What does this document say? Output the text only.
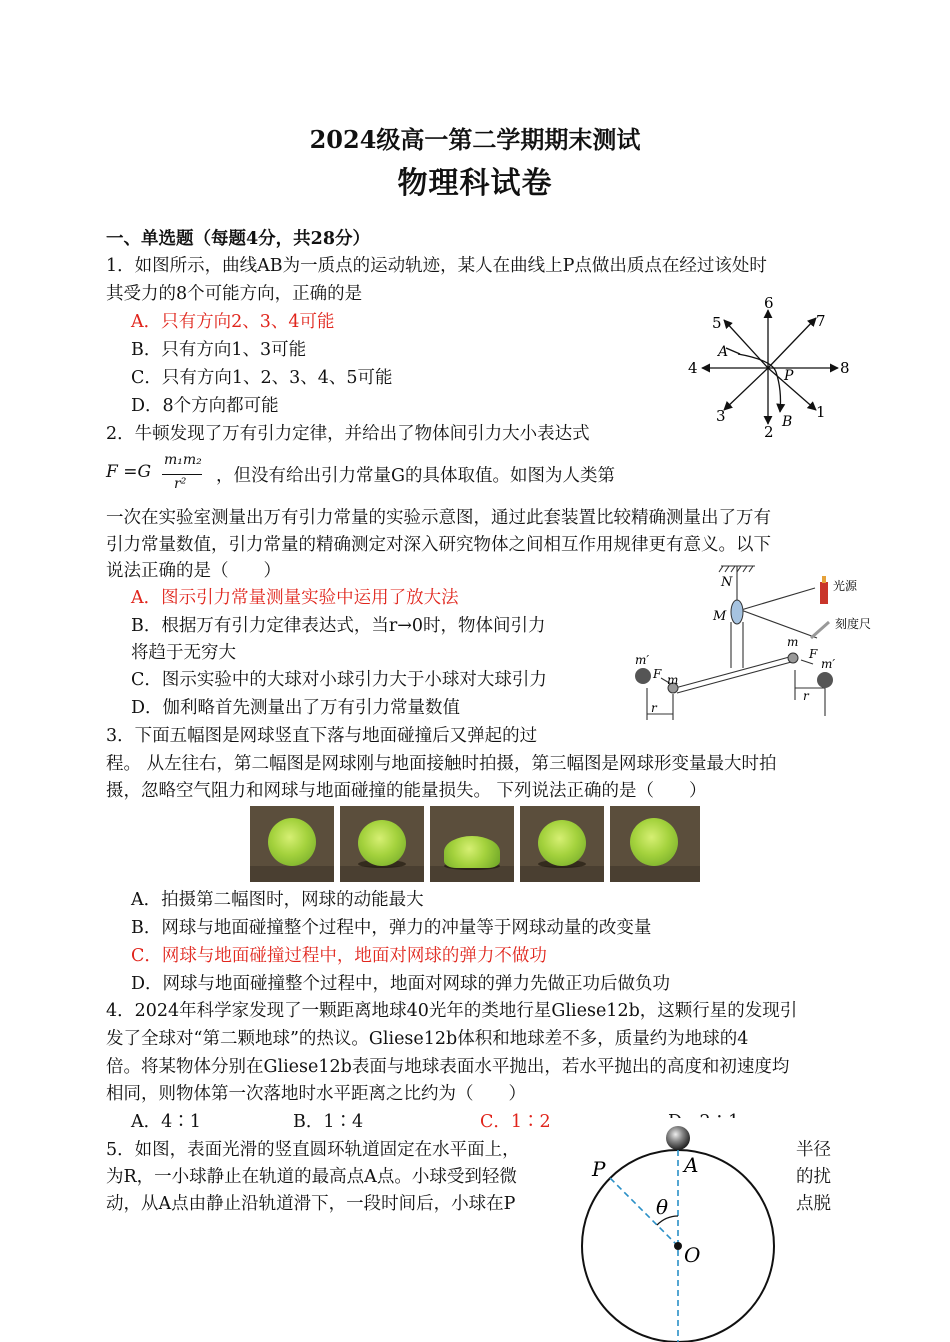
2024级高一第二学期期末测试
物理科试卷
一、单选题（每题4分，共28分）
1．如图所示，曲线AB为一质点的运动轨迹，某人在曲线上P点做出质点在经过该处时
其受力的8个可能方向，正确的是
A．只有方向2、3、4可能
B．只有方向1、3可能
C．只有方向1、2、3、4、5可能
D．8个方向都可能
6
7
5
4	8
3
2
1
A
B
P
2．牛顿发现了万有引力定律，并给出了物体间引力大小表达式
F =G
m₁m₂
r² ，但没有给出引力常量G的具体取值。如图为人类第
一次在实验室测量出万有引力常量的实验示意图，通过此套装置比较精确测量出了万有
引力常量数值，引力常量的精确测定对深入研究物体之间相互作用规律更有意义。以下
说法正确的是（　　）
A．图示引力常量测量实验中运用了放大法
B．根据万有引力定律表达式，当r→0时，物体间引力
将趋于无穷大
C．图示实验中的大球对小球引力大于小球对大球引力
D．伽利略首先测量出了万有引力常量数值
N
M
光源
刻度尺
m
m
m′	m′
F
F
r
r
3．下面五幅图是网球竖直下落与地面碰撞后又弹起的过
程。 从左往右，第二幅图是网球刚与地面接触时拍摄，第三幅图是网球形变量最大时拍
摄，忽略空气阻力和网球与地面碰撞的能量损失。 下列说法正确的是（　　）
A．拍摄第二幅图时，网球的动能最大
B．网球与地面碰撞整个过程中，弹力的冲量等于网球动量的改变量
C．网球与地面碰撞过程中，地面对网球的弹力不做功
D．网球与地面碰撞整个过程中，地面对网球的弹力先做正功后做负功
4．2024年科学家发现了一颗距离地球40光年的类地行星Gliese12b，这颗行星的发现引
发了全球对“第二颗地球”的热议。Gliese12b体积和地球差不多，质量约为地球的4
倍。将某物体分别在Gliese12b表面与地球表面水平抛出，若水平抛出的高度和初速度均
相同，则物体第一次落地时水平距离之比约为（　　）
A．4∶1	B．1∶4	C．1∶2
5．如图，表面光滑的竖直圆环轨道固定在水平面上，	半径
为R，一小球静止在轨道的最高点A点。小球受到轻微	的扰
动，从A点由静止沿轨道滑下，一段时间后，小球在P	点脱
P	A
θ
O
